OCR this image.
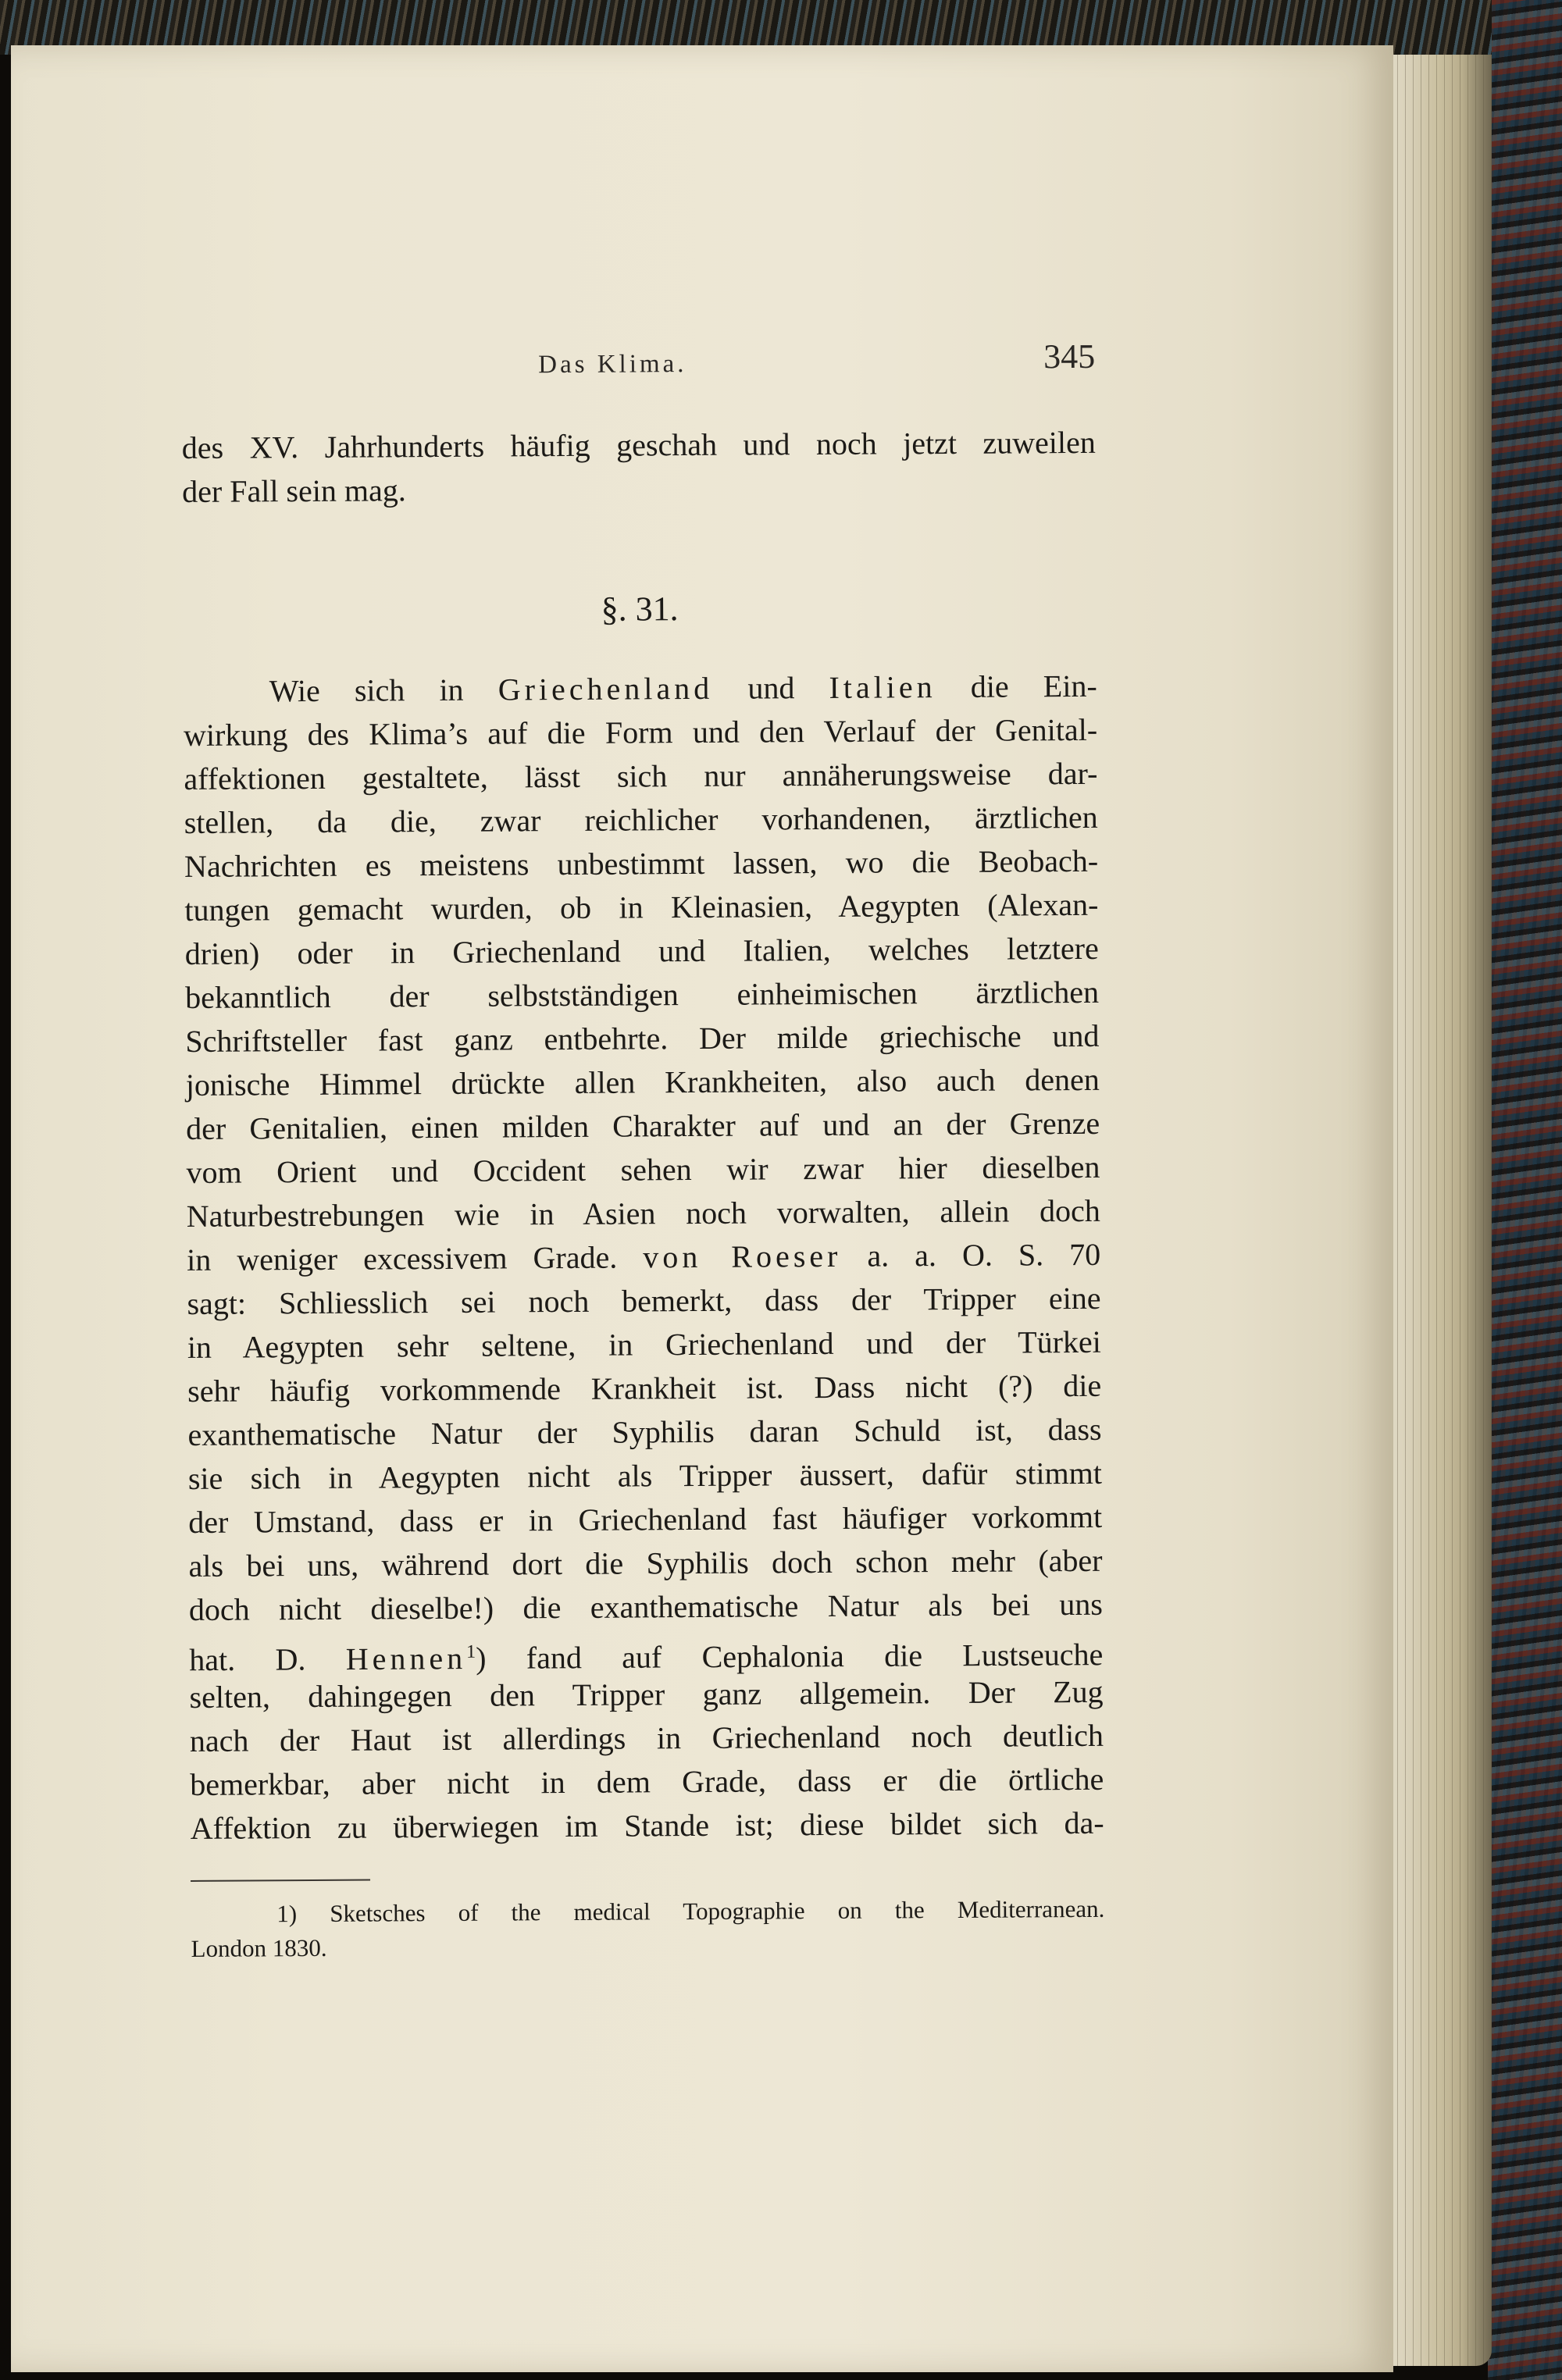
Das Klima.	345
des XV. Jahrhunderts häufig geschah und noch jetzt zuweilen
der Fall sein mag.
§. 31.
Wie sich in Griechenland und Italien die Ein-
wirkung des Klima’s auf die Form und den Verlauf der Genital-
affektionen gestaltete, lässt sich nur annäherungsweise dar-
stellen, da die, zwar reichlicher vorhandenen, ärztlichen
Nachrichten es meistens unbestimmt lassen, wo die Beobach-
tungen gemacht wurden, ob in Kleinasien, Aegypten (Alexan-
drien) oder in Griechenland und Italien, welches letztere
bekanntlich der selbstständigen einheimischen ärztlichen
Schriftsteller fast ganz entbehrte. Der milde griechische und
jonische Himmel drückte allen Krankheiten, also auch denen
der Genitalien, einen milden Charakter auf und an der Grenze
vom Orient und Occident sehen wir zwar hier dieselben
Naturbestrebungen wie in Asien noch vorwalten, allein doch
in weniger excessivem Grade. von Roeser a. a. O. S. 70
sagt: Schliesslich sei noch bemerkt, dass der Tripper eine
in Aegypten sehr seltene, in Griechenland und der Türkei
sehr häufig vorkommende Krankheit ist. Dass nicht (?) die
exanthematische Natur der Syphilis daran Schuld ist, dass
sie sich in Aegypten nicht als Tripper äussert, dafür stimmt
der Umstand, dass er in Griechenland fast häufiger vorkommt
als bei uns, während dort die Syphilis doch schon mehr (aber
doch nicht dieselbe!) die exanthematische Natur als bei uns
hat. D. Hennen$^1$) fand auf Cephalonia die Lustseuche
selten, dahingegen den Tripper ganz allgemein. Der Zug
nach der Haut ist allerdings in Griechenland noch deutlich
bemerkbar, aber nicht in dem Grade, dass er die örtliche
Affektion zu überwiegen im Stande ist; diese bildet sich da-
1) Sketsches of the medical Topographie on the Mediterranean.
London 1830.
